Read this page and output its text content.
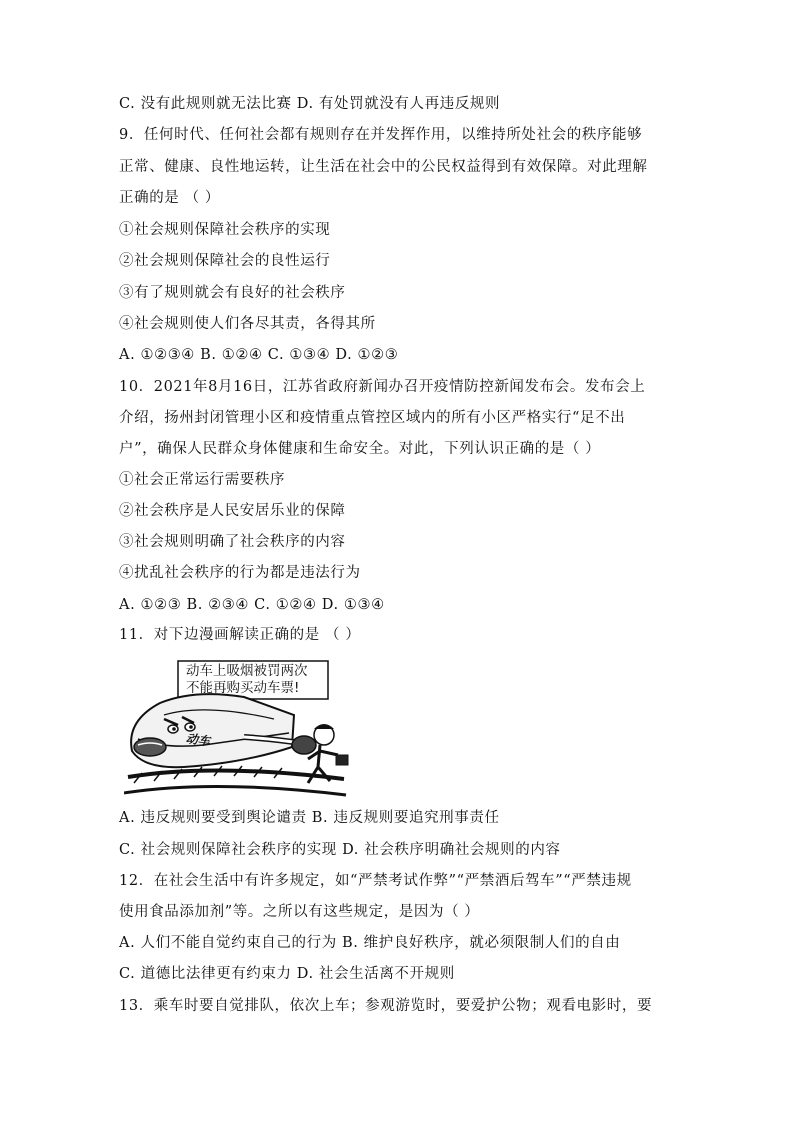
C. 没有此规则就无法比赛 D. 有处罚就没有人再违反规则
9．任何时代、任何社会都有规则存在并发挥作用，以维持所处社会的秩序能够
正常、健康、良性地运转，让生活在社会中的公民权益得到有效保障。对此理解
正确的是 （ ）
①社会规则保障社会秩序的实现
②社会规则保障社会的良性运行
③有了规则就会有良好的社会秩序
④社会规则使人们各尽其责，各得其所
A. ①②③④ B. ①②④ C. ①③④ D. ①②③
10．2021年8月16日，江苏省政府新闻办召开疫情防控新闻发布会。发布会上
介绍，扬州封闭管理小区和疫情重点管控区域内的所有小区严格实行“足不出
户”，确保人民群众身体健康和生命安全。对此，下列认识正确的是（ ）
①社会正常运行需要秩序
②社会秩序是人民安居乐业的保障
③社会规则明确了社会秩序的内容
④扰乱社会秩序的行为都是违法行为
A. ①②③ B. ②③④ C. ①②④ D. ①③④
11．对下边漫画解读正确的是 （ ）
动车上吸烟被罚两次
不能再购买动车票!
动车
A. 违反规则要受到舆论谴责 B. 违反规则要追究刑事责任
C. 社会规则保障社会秩序的实现 D. 社会秩序明确社会规则的内容
12．在社会生活中有许多规定，如“严禁考试作弊”“严禁酒后驾车”“严禁违规
使用食品添加剂”等。之所以有这些规定，是因为（ ）
A. 人们不能自觉约束自己的行为 B. 维护良好秩序，就必须限制人们的自由
C. 道德比法律更有约束力 D. 社会生活离不开规则
13．乘车时要自觉排队，依次上车；参观游览时，要爱护公物；观看电影时，要
